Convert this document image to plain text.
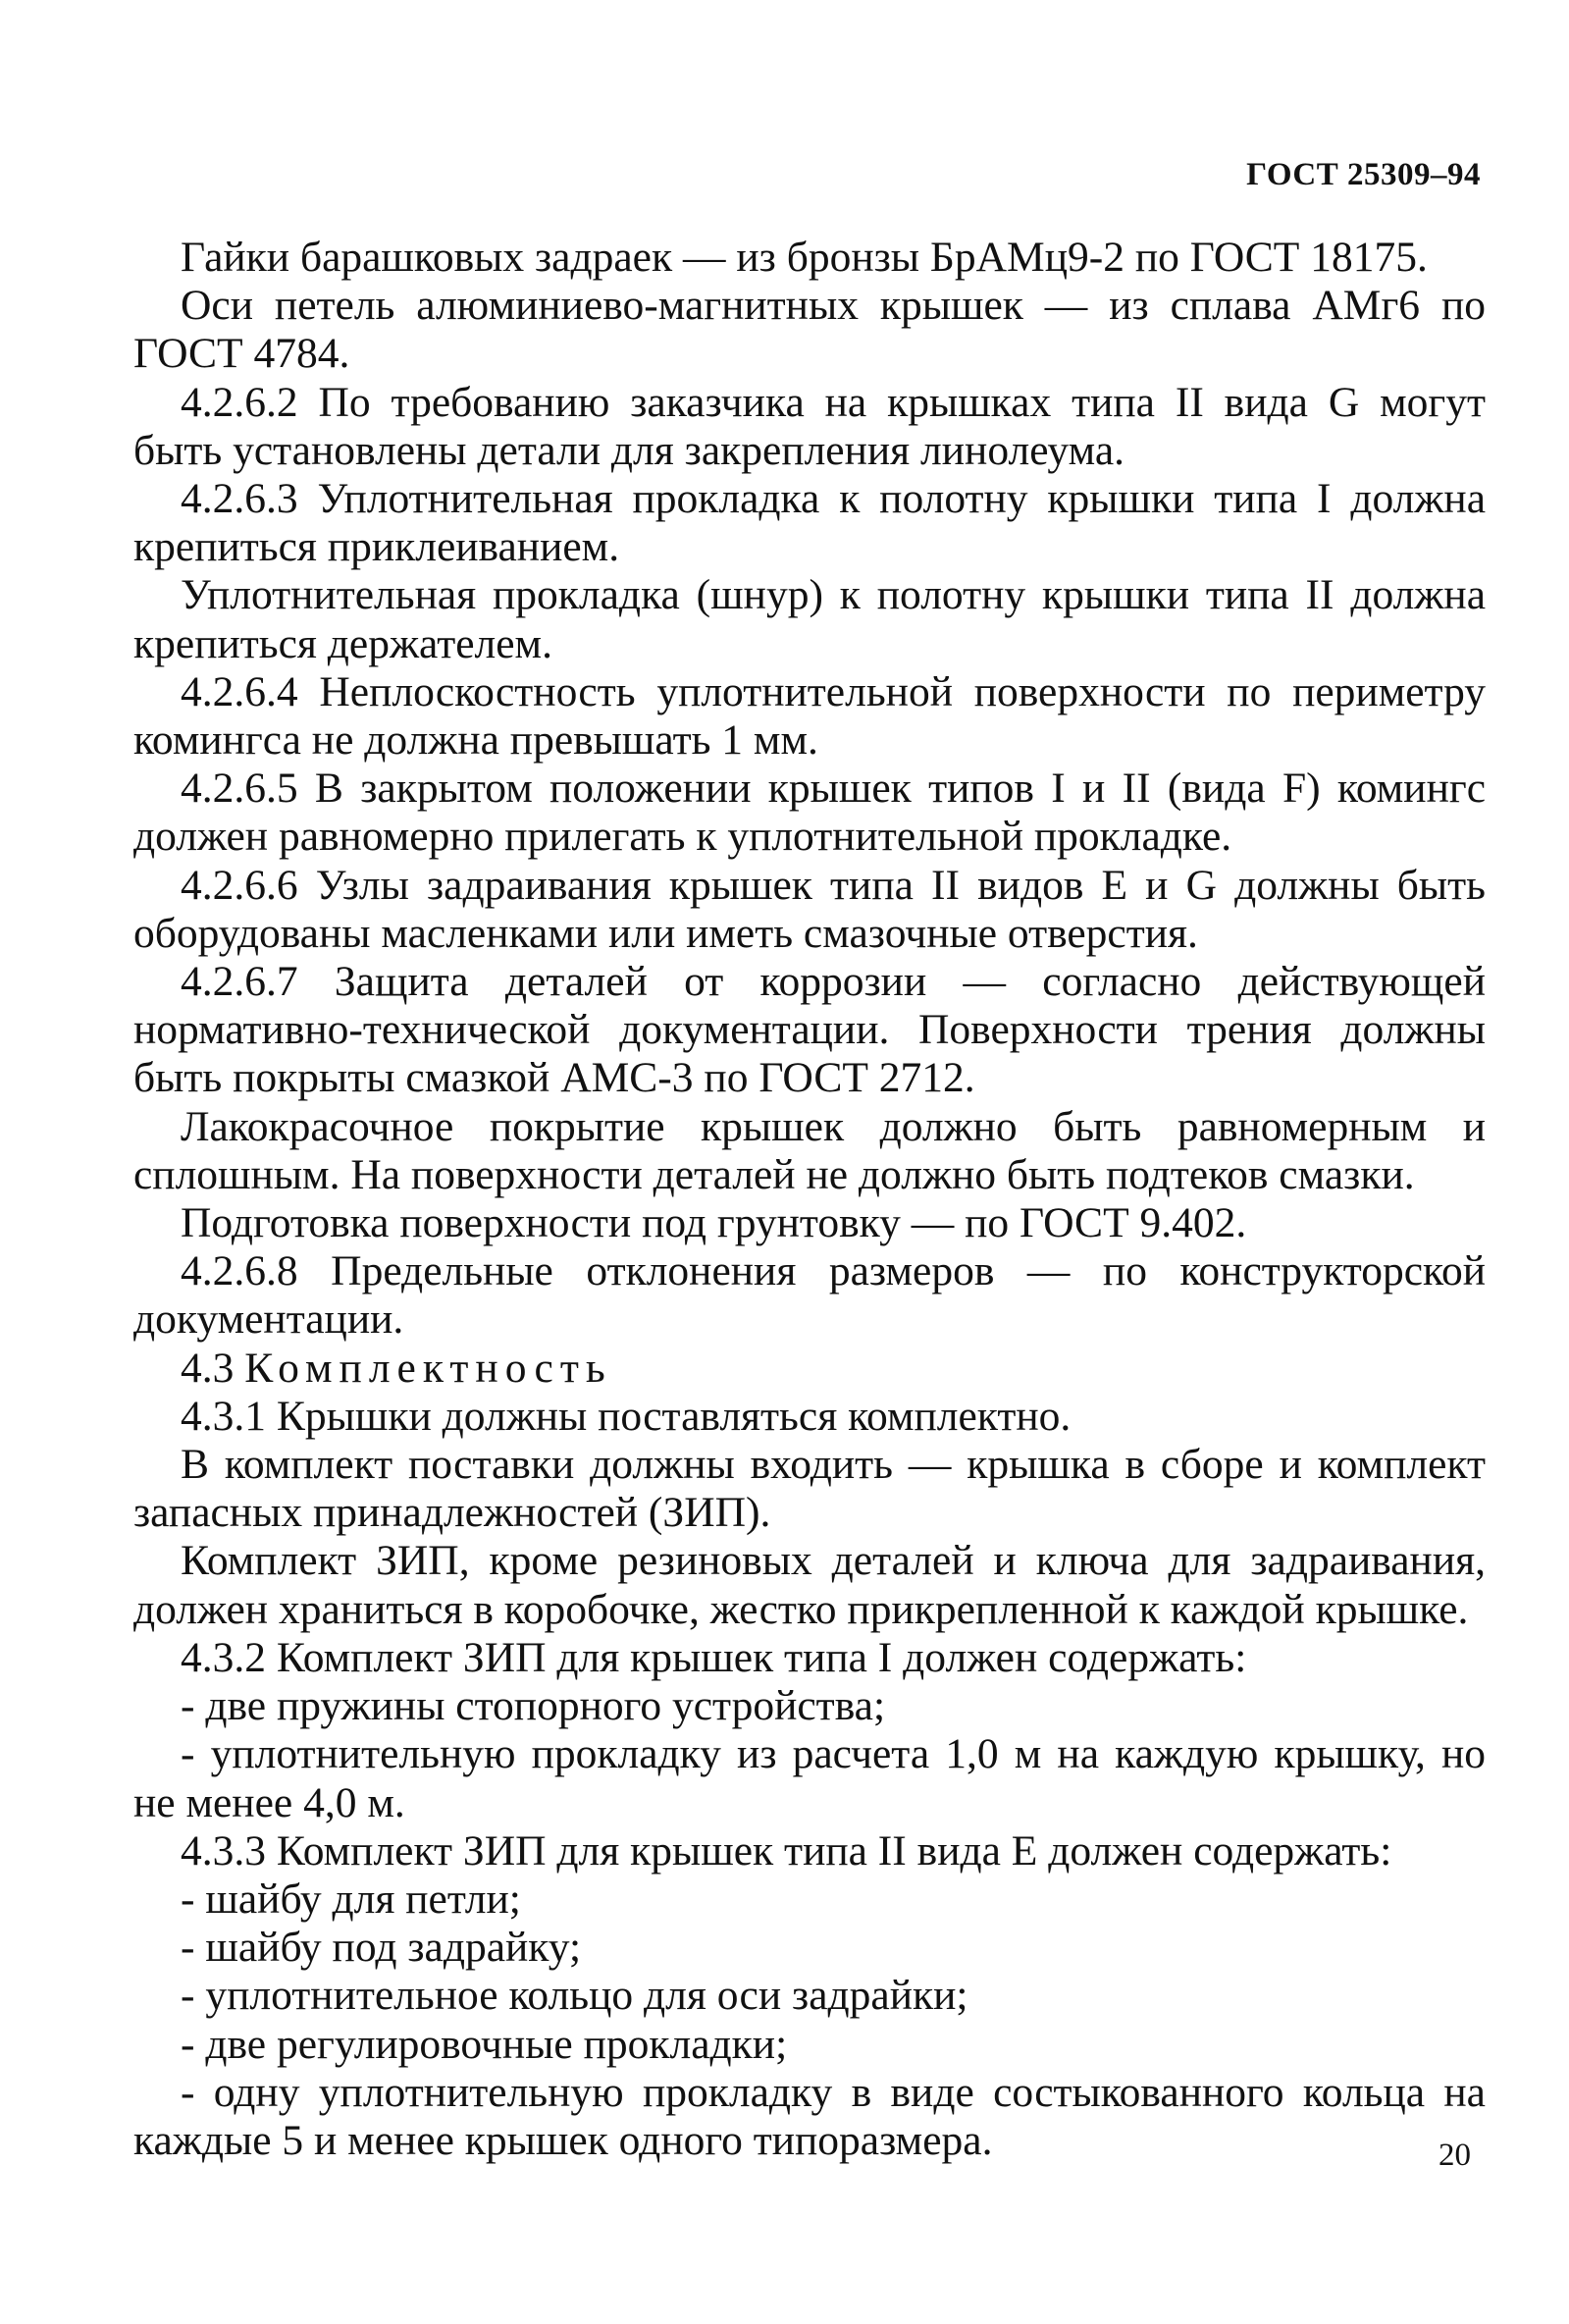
ГОСТ 25309–94

Гайки барашковых задраек — из бронзы БрАМц9-2 по ГОСТ 18175.

Оси петель алюминиево-магнитных крышек — из сплава АМг6 по ГОСТ 4784.

4.2.6.2 По требованию заказчика на крышках типа II вида G могут быть установлены детали для закрепления линолеума.

4.2.6.3 Уплотнительная прокладка к полотну крышки типа I должна крепиться приклеиванием.

Уплотнительная прокладка (шнур) к полотну крышки типа II должна крепиться держателем.

4.2.6.4 Неплоскостность уплотнительной поверхности по периметру комингса не должна превышать 1 мм.

4.2.6.5 В закрытом положении крышек типов I и II (вида F) комингс должен равномерно прилегать к уплотнительной прокладке.

4.2.6.6 Узлы задраивания крышек типа II видов E и G должны быть оборудованы масленками или иметь смазочные отверстия.

4.2.6.7 Защита деталей от коррозии — согласно действующей нормативно-технической документации. Поверхности трения должны быть покрыты смазкой АМС-3 по ГОСТ 2712.

Лакокрасочное покрытие крышек должно быть равномерным и сплошным. На поверхности деталей не должно быть подтеков смазки.

Подготовка поверхности под грунтовку — по ГОСТ 9.402.

4.2.6.8 Предельные отклонения размеров — по конструкторской документации.

4.3 Комплектность

4.3.1 Крышки должны поставляться комплектно.

В комплект поставки должны входить — крышка в сборе и комплект запасных принадлежностей (ЗИП).

Комплект ЗИП, кроме резиновых деталей и ключа для задраивания, должен храниться в коробочке, жестко прикрепленной к каждой крышке.

4.3.2 Комплект ЗИП для крышек типа I должен содержать:

- две пружины стопорного устройства;

- уплотнительную прокладку из расчета 1,0 м на каждую крышку, но не менее 4,0 м.

4.3.3 Комплект ЗИП для крышек типа II вида E должен содержать:

- шайбу для петли;

- шайбу под задрайку;

- уплотнительное кольцо для оси задрайки;

- две регулировочные прокладки;

- одну уплотнительную прокладку в виде состыкованного кольца на каждые 5 и менее крышек одного типоразмера.	20
